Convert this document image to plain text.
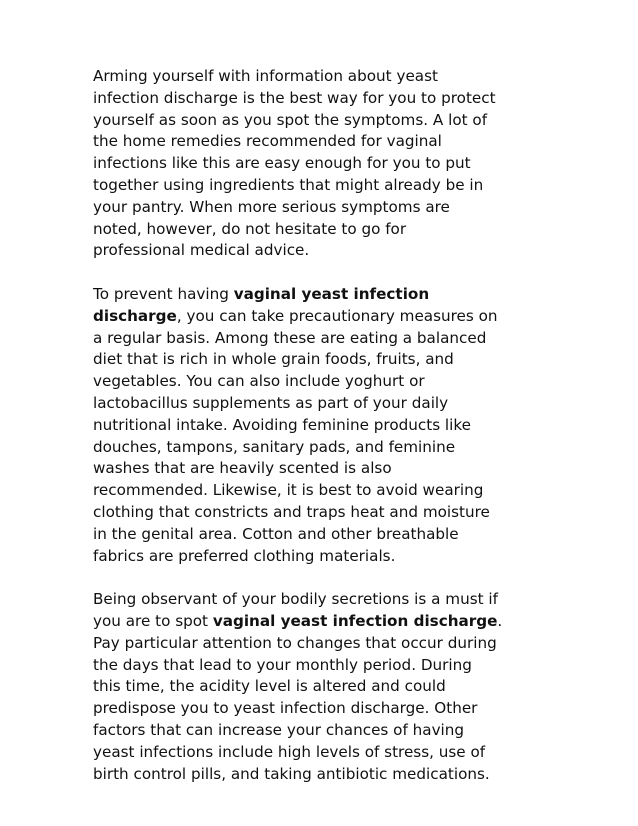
Arming yourself with information about yeast
infection discharge is the best way for you to protect
yourself as soon as you spot the symptoms. A lot of
the home remedies recommended for vaginal
infections like this are easy enough for you to put
together using ingredients that might already be in
your pantry. When more serious symptoms are
noted, however, do not hesitate to go for
professional medical advice.

To prevent having vaginal yeast infection
discharge, you can take precautionary measures on
a regular basis. Among these are eating a balanced
diet that is rich in whole grain foods, fruits, and
vegetables. You can also include yoghurt or
lactobacillus supplements as part of your daily
nutritional intake. Avoiding feminine products like
douches, tampons, sanitary pads, and feminine
washes that are heavily scented is also
recommended. Likewise, it is best to avoid wearing
clothing that constricts and traps heat and moisture
in the genital area. Cotton and other breathable
fabrics are preferred clothing materials.

Being observant of your bodily secretions is a must if
you are to spot vaginal yeast infection discharge.
Pay particular attention to changes that occur during
the days that lead to your monthly period. During
this time, the acidity level is altered and could
predispose you to yeast infection discharge. Other
factors that can increase your chances of having
yeast infections include high levels of stress, use of
birth control pills, and taking antibiotic medications.
